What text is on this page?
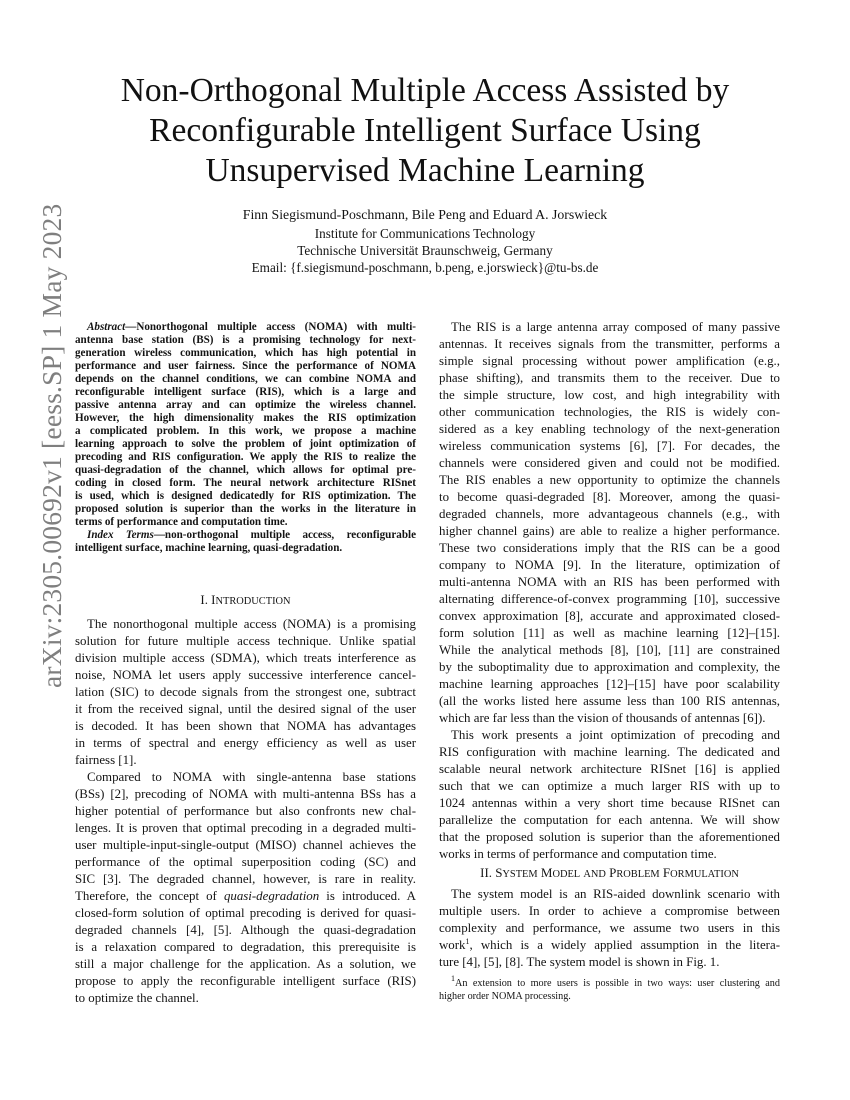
arXiv:2305.00692v1 [eess.SP] 1 May 2023
Non-Orthogonal Multiple Access Assisted by
Reconfigurable Intelligent Surface Using
Unsupervised Machine Learning
Finn Siegismund-Poschmann, Bile Peng and Eduard A. Jorswieck
Institute for Communications Technology
Technische Universität Braunschweig, Germany
Email: {f.siegismund-poschmann, b.peng, e.jorswieck}@tu-bs.de
Abstract—Nonorthogonal multiple access (NOMA) with multi-
antenna base station (BS) is a promising technology for next-
generation wireless communication, which has high potential in
performance and user fairness. Since the performance of NOMA
depends on the channel conditions, we can combine NOMA and
reconfigurable intelligent surface (RIS), which is a large and
passive antenna array and can optimize the wireless channel.
However, the high dimensionality makes the RIS optimization
a complicated problem. In this work, we propose a machine
learning approach to solve the problem of joint optimization of
precoding and RIS configuration. We apply the RIS to realize the
quasi-degradation of the channel, which allows for optimal pre-
coding in closed form. The neural network architecture RISnet
is used, which is designed dedicatedly for RIS optimization. The
proposed solution is superior than the works in the literature in
terms of performance and computation time.
Index Terms—non-orthogonal multiple access, reconfigurable
intelligent surface, machine learning, quasi-degradation.
I. INTRODUCTION
The nonorthogonal multiple access (NOMA) is a promising
solution for future multiple access technique. Unlike spatial
division multiple access (SDMA), which treats interference as
noise, NOMA let users apply successive interference cancel-
lation (SIC) to decode signals from the strongest one, subtract
it from the received signal, until the desired signal of the user
is decoded. It has been shown that NOMA has advantages
in terms of spectral and energy efficiency as well as user
fairness [1].
Compared to NOMA with single-antenna base stations
(BSs) [2], precoding of NOMA with multi-antenna BSs has a
higher potential of performance but also confronts new chal-
lenges. It is proven that optimal precoding in a degraded multi-
user multiple-input-single-output (MISO) channel achieves the
performance of the optimal superposition coding (SC) and
SIC [3]. The degraded channel, however, is rare in reality.
Therefore, the concept of quasi-degradation is introduced. A
closed-form solution of optimal precoding is derived for quasi-
degraded channels [4], [5]. Although the quasi-degradation
is a relaxation compared to degradation, this prerequisite is
still a major challenge for the application. As a solution, we
propose to apply the reconfigurable intelligent surface (RIS)
to optimize the channel.
The RIS is a large antenna array composed of many passive
antennas. It receives signals from the transmitter, performs a
simple signal processing without power amplification (e.g.,
phase shifting), and transmits them to the receiver. Due to
the simple structure, low cost, and high integrability with
other communication technologies, the RIS is widely con-
sidered as a key enabling technology of the next-generation
wireless communication systems [6], [7]. For decades, the
channels were considered given and could not be modified.
The RIS enables a new opportunity to optimize the channels
to become quasi-degraded [8]. Moreover, among the quasi-
degraded channels, more advantageous channels (e.g., with
higher channel gains) are able to realize a higher performance.
These two considerations imply that the RIS can be a good
company to NOMA [9]. In the literature, optimization of
multi-antenna NOMA with an RIS has been performed with
alternating difference-of-convex programming [10], successive
convex approximation [8], accurate and approximated closed-
form solution [11] as well as machine learning [12]–[15].
While the analytical methods [8], [10], [11] are constrained
by the suboptimality due to approximation and complexity, the
machine learning approaches [12]–[15] have poor scalability
(all the works listed here assume less than 100 RIS antennas,
which are far less than the vision of thousands of antennas [6]).
This work presents a joint optimization of precoding and
RIS configuration with machine learning. The dedicated and
scalable neural network architecture RISnet [16] is applied
such that we can optimize a much larger RIS with up to
1024 antennas within a very short time because RISnet can
parallelize the computation for each antenna. We will show
that the proposed solution is superior than the aforementioned
works in terms of performance and computation time.
II. SYSTEM MODEL AND PROBLEM FORMULATION
The system model is an RIS-aided downlink scenario with
multiple users. In order to achieve a compromise between
complexity and performance, we assume two users in this
work$^1$, which is a widely applied assumption in the litera-
ture [4], [5], [8]. The system model is shown in Fig. 1.
$^1$An extension to more users is possible in two ways: user clustering and
higher order NOMA processing.
